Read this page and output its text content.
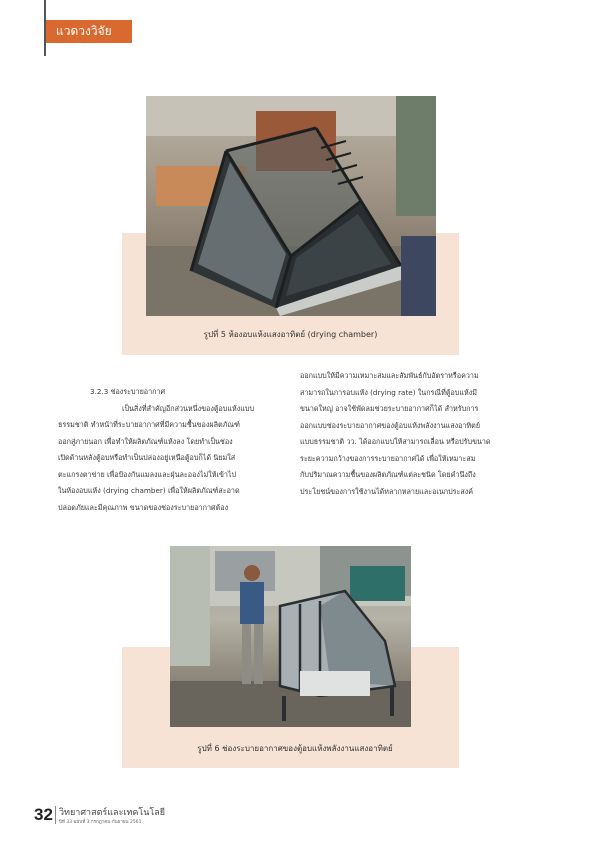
แวดวงวิจัย
รูปที่ 5 ห้องอบแห้งแสงอาทิตย์ (drying chamber)
3.2.3 ช่องระบายอากาศ
เป็นสิ่งที่สำคัญอีกส่วนหนึ่งของตู้อบแห้งแบบ
ธรรมชาติ ทำหน้าที่ระบายอากาศที่มีความชื้นของผลิตภัณฑ์
ออกสู่ภายนอก เพื่อทำให้ผลิตภัณฑ์แห้งลง โดยทำเป็นช่อง
เปิดด้านหลังตู้อบหรือทำเป็นปล่องอยู่เหนือตู้อบก็ได้ นิยมใส่
ตะแกรงตาข่าย เพื่อป้องกันแมลงและฝุ่นละอองไม่ให้เข้าไป
ในห้องอบแห้ง (drying chamber) เพื่อให้ผลิตภัณฑ์สะอาด
ปลอดภัยและมีคุณภาพ ขนาดของช่องระบายอากาศต้อง
ออกแบบให้มีความเหมาะสมและสัมพันธ์กับอัตราหรือความ
สามารถในการอบแห้ง (drying rate) ในกรณีที่ตู้อบแห้งมี
ขนาดใหญ่ อาจใช้พัดลมช่วยระบายอากาศก็ได้ สำหรับการ
ออกแบบช่องระบายอากาศของตู้อบแห้งพลังงานแสงอาทิตย์
แบบธรรมชาติ วว. ได้ออกแบบให้สามารถเลื่อน หรือปรับขนาด
ระยะความกว้างของการระบายอากาศได้ เพื่อให้เหมาะสม
กับปริมาณความชื้นของผลิตภัณฑ์แต่ละชนิด โดยคำนึงถึง
ประโยชน์ของการใช้งานได้หลากหลายและอเนกประสงค์
รูปที่ 6 ช่องระบายอากาศของตู้อบแห้งพลังงานแสงอาทิตย์
32 วิทยาศาสตร์และเทคโนโลยี
ปีที่ 33 ฉบับที่ 3 กรกฎาคม-กันยายน 2561
